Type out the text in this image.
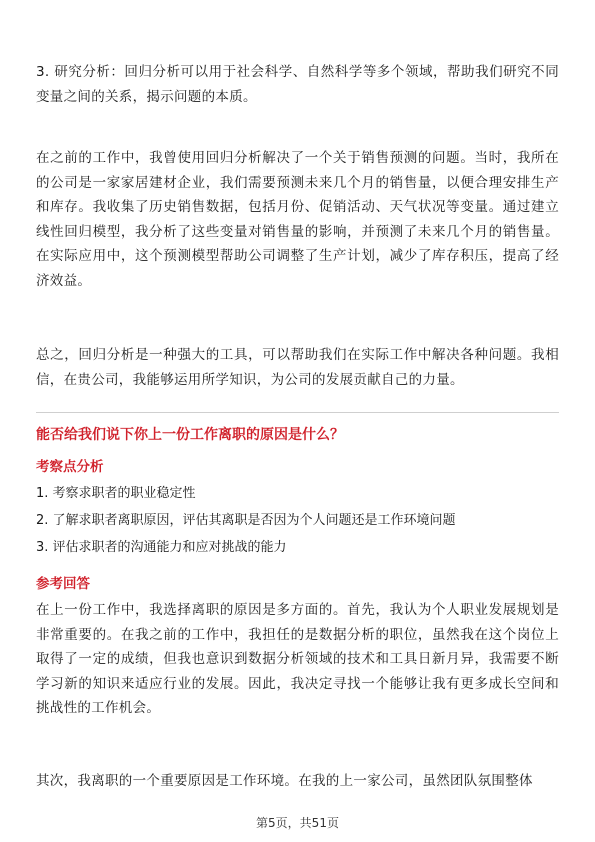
3. 研究分析：回归分析可以用于社会科学、自然科学等多个领域，帮助我们研究不同变量之间的关系，揭示问题的本质。

在之前的工作中，我曾使用回归分析解决了一个关于销售预测的问题。当时，我所在的公司是一家家居建材企业，我们需要预测未来几个月的销售量，以便合理安排生产和库存。我收集了历史销售数据，包括月份、促销活动、天气状况等变量。通过建立线性回归模型，我分析了这些变量对销售量的影响，并预测了未来几个月的销售量。在实际应用中，这个预测模型帮助公司调整了生产计划，减少了库存积压，提高了经济效益。

总之，回归分析是一种强大的工具，可以帮助我们在实际工作中解决各种问题。我相信，在贵公司，我能够运用所学知识，为公司的发展贡献自己的力量。

能否给我们说下你上一份工作离职的原因是什么？
考察点分析
1. 考察求职者的职业稳定性
2. 了解求职者离职原因，评估其离职是否因为个人问题还是工作环境问题
3. 评估求职者的沟通能力和应对挑战的能力
参考回答

在上一份工作中，我选择离职的原因是多方面的。首先，我认为个人职业发展规划是非常重要的。在我之前的工作中，我担任的是数据分析的职位，虽然我在这个岗位上取得了一定的成绩，但我也意识到数据分析领域的技术和工具日新月异，我需要不断学习新的知识来适应行业的发展。因此，我决定寻找一个能够让我有更多成长空间和挑战性的工作机会。

其次，我离职的一个重要原因是工作环境。在我的上一家公司，虽然团队氛围整体

第5页，共51页
